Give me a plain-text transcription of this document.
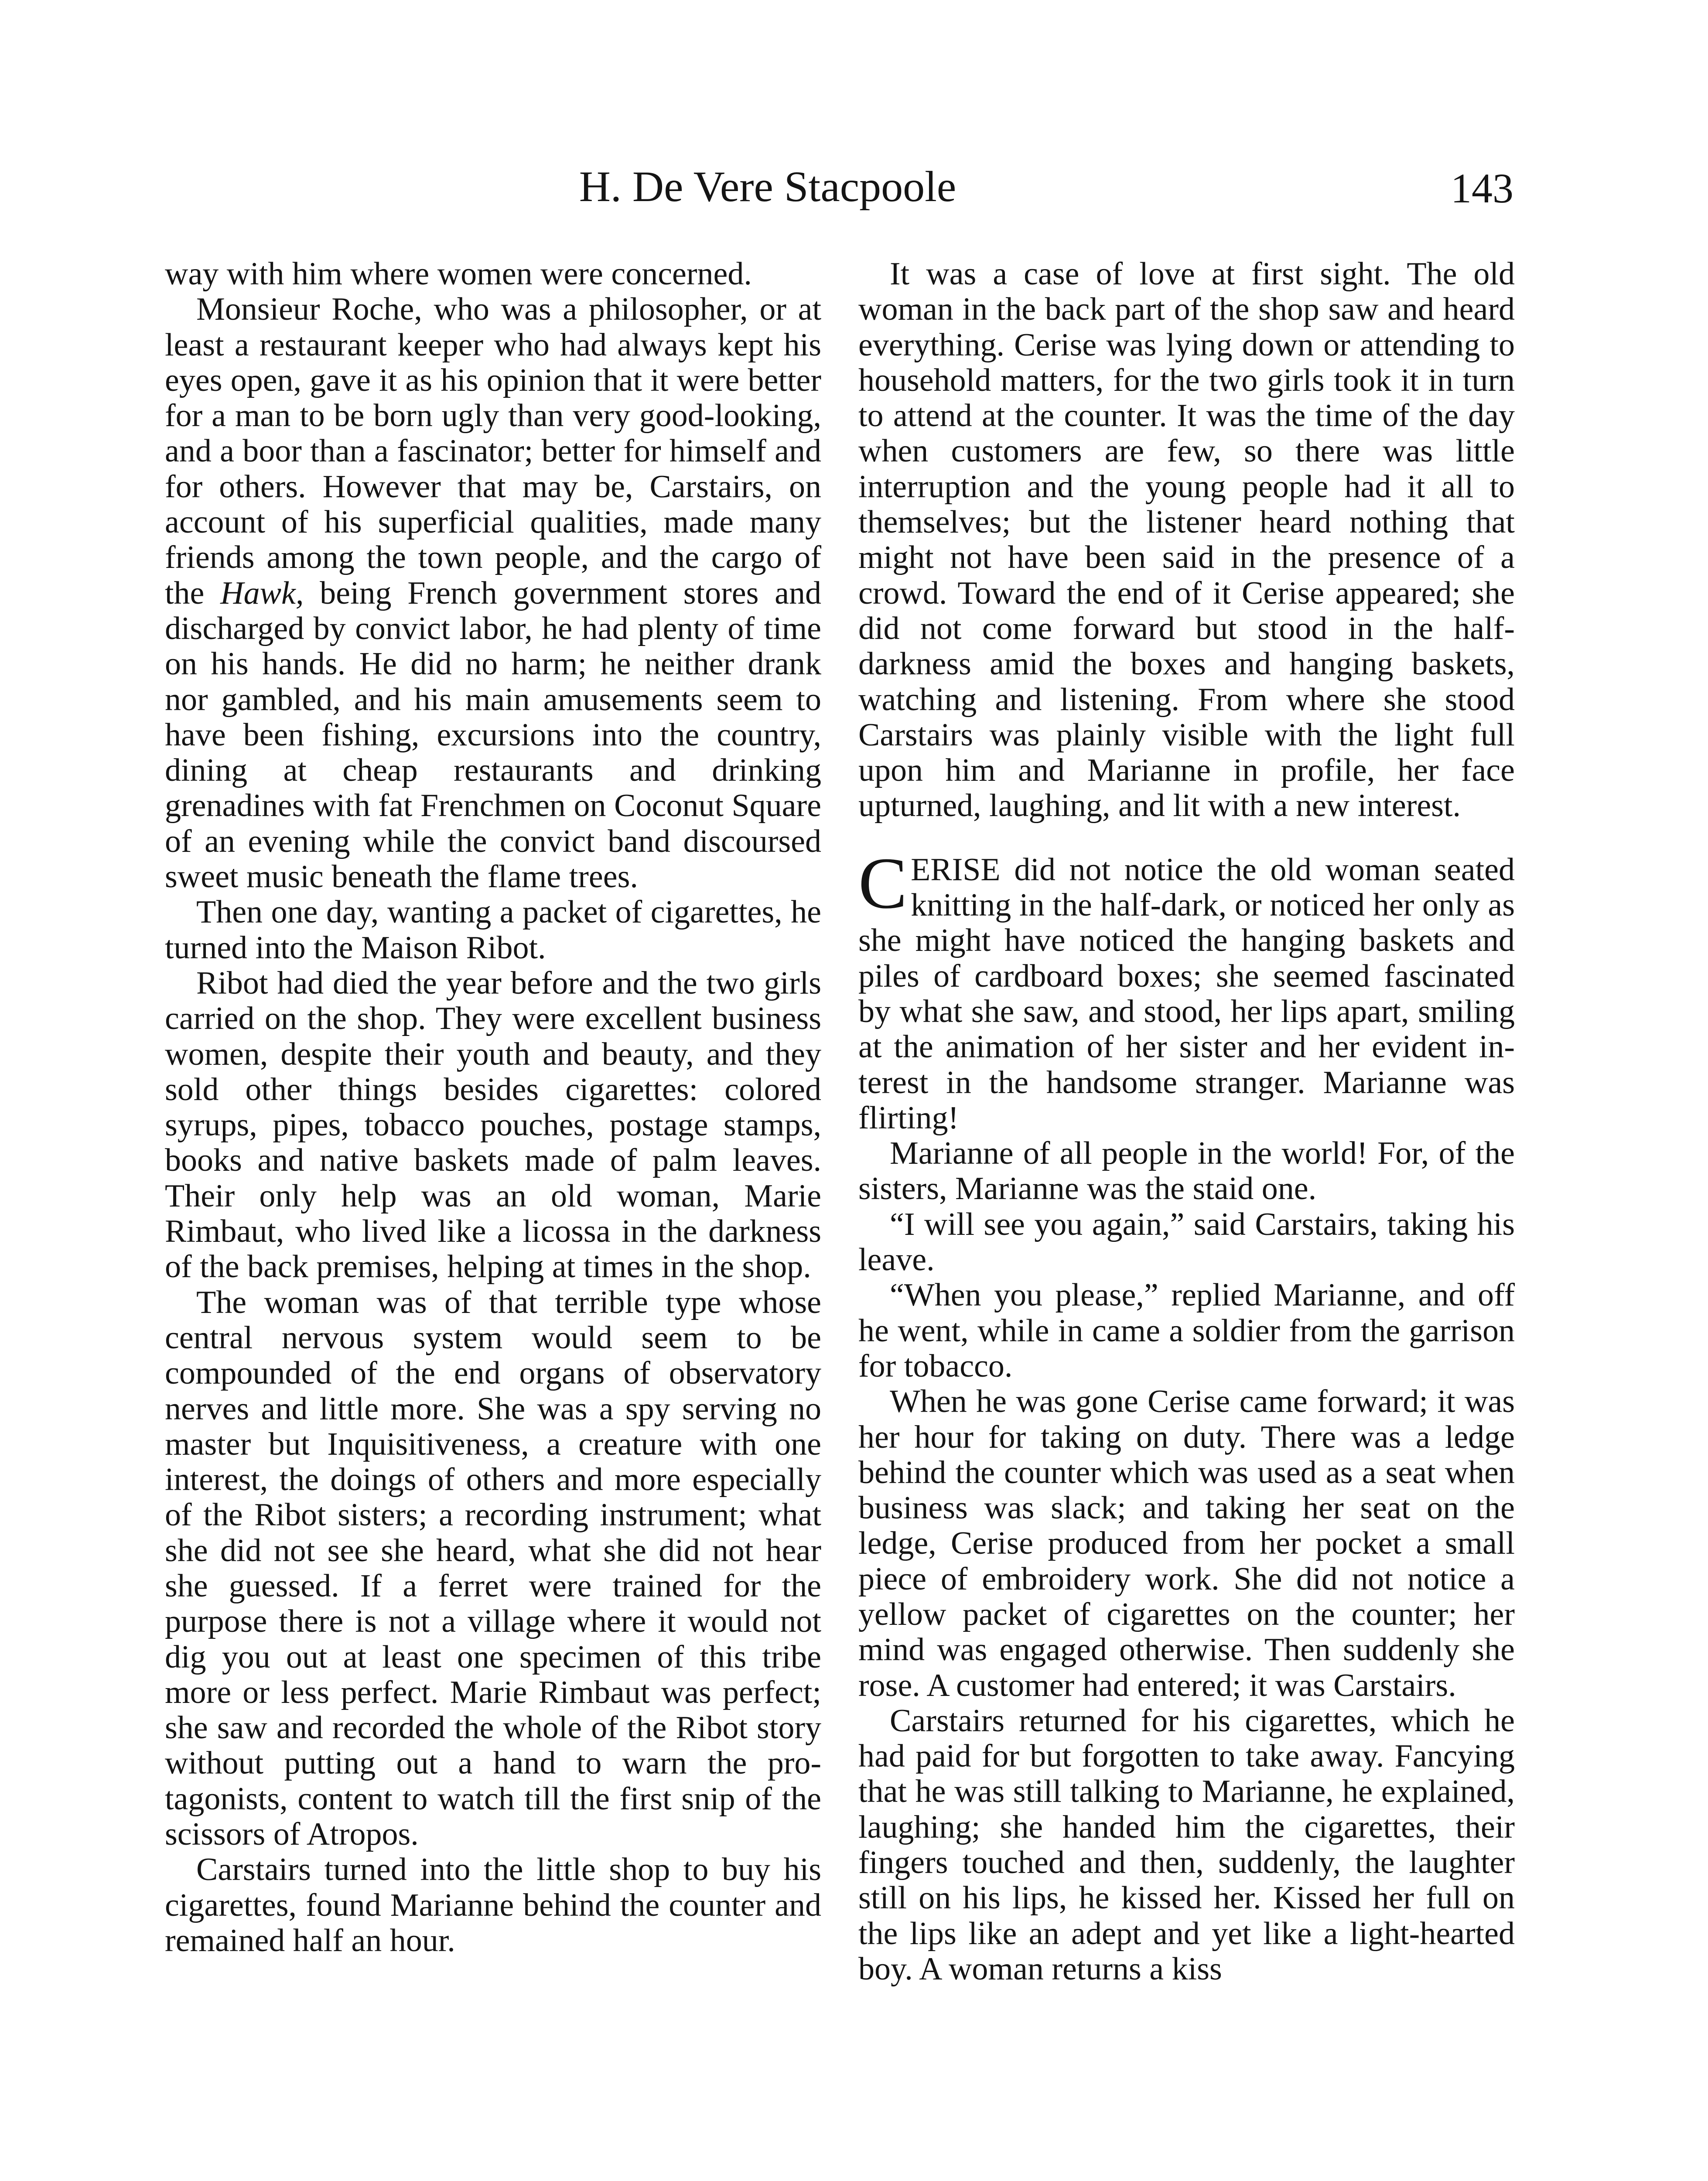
H. De Vere Stacpoole	143

way with him where women were concerned.

Monsieur Roche, who was a philosopher, or at least a restaurant keeper who had always kept his eyes open, gave it as his opinion that it were better for a man to be born ugly than very good-looking, and a boor than a fascinator; better for himself and for others. However that may be, Carstairs, on account of his superficial qualities, made many friends among the town people, and the cargo of the Hawk, being French government stores and discharged by convict labor, he had plenty of time on his hands. He did no harm; he neither drank nor gambled, and his main amusements seem to have been fishing, excursions into the country, dining at cheap restaurants and drinking grenadines with fat Frenchmen on Coconut Square of an evening while the convict band discoursed sweet music beneath the flame trees.

Then one day, wanting a packet of cigarettes, he turned into the Maison Ribot.

Ribot had died the year before and the two girls carried on the shop. They were excellent business women, despite their youth and beauty, and they sold other things besides cigarettes: colored syrups, pipes, tobacco pouches, postage stamps, books and native baskets made of palm leaves. Their only help was an old woman, Marie Rimbaut, who lived like a licossa in the darkness of the back premises, helping at times in the shop.

The woman was of that terrible type whose central nervous system would seem to be compounded of the end organs of observatory nerves and little more. She was a spy serving no master but Inquisitiveness, a creature with one interest, the doings of others and more especially of the Ribot sisters; a recording instrument; what she did not see she heard, what she did not hear she guessed. If a ferret were trained for the purpose there is not a village where it would not dig you out at least one specimen of this tribe more or less perfect. Marie Rimbaut was perfect; she saw and recorded the whole of the Ribot story without putting out a hand to warn the protagonists, content to watch till the first snip of the scissors of Atropos.

Carstairs turned into the little shop to buy his cigarettes, found Marianne behind the counter and remained half an hour.

It was a case of love at first sight. The old woman in the back part of the shop saw and heard everything. Cerise was lying down or attending to household matters, for the two girls took it in turn to attend at the counter. It was the time of the day when customers are few, so there was little interruption and the young people had it all to themselves; but the listener heard nothing that might not have been said in the presence of a crowd. Toward the end of it Cerise appeared; she did not come forward but stood in the half-darkness amid the boxes and hanging baskets, watching and listening. From where she stood Carstairs was plainly visible with the light full upon him and Marianne in profile, her face upturned, laughing, and lit with a new interest.

CERISE did not notice the old woman seated knitting in the half-dark, or noticed her only as she might have noticed the hanging baskets and piles of cardboard boxes; she seemed fascinated by what she saw, and stood, her lips apart, smiling at the animation of her sister and her evident interest in the handsome stranger. Marianne was flirting!

Marianne of all people in the world! For, of the sisters, Marianne was the staid one.

“I will see you again,” said Carstairs, taking his leave.

“When you please,” replied Marianne, and off he went, while in came a soldier from the garrison for tobacco.

When he was gone Cerise came forward; it was her hour for taking on duty. There was a ledge behind the counter which was used as a seat when business was slack; and taking her seat on the ledge, Cerise produced from her pocket a small piece of embroidery work. She did not notice a yellow packet of cigarettes on the counter; her mind was engaged otherwise. Then suddenly she rose. A customer had entered; it was Carstairs.

Carstairs returned for his cigarettes, which he had paid for but forgotten to take away. Fancying that he was still talking to Marianne, he explained, laughing; she handed him the cigarettes, their fingers touched and then, suddenly, the laughter still on his lips, he kissed her. Kissed her full on the lips like an adept and yet like a light-hearted boy. A woman returns a kiss
